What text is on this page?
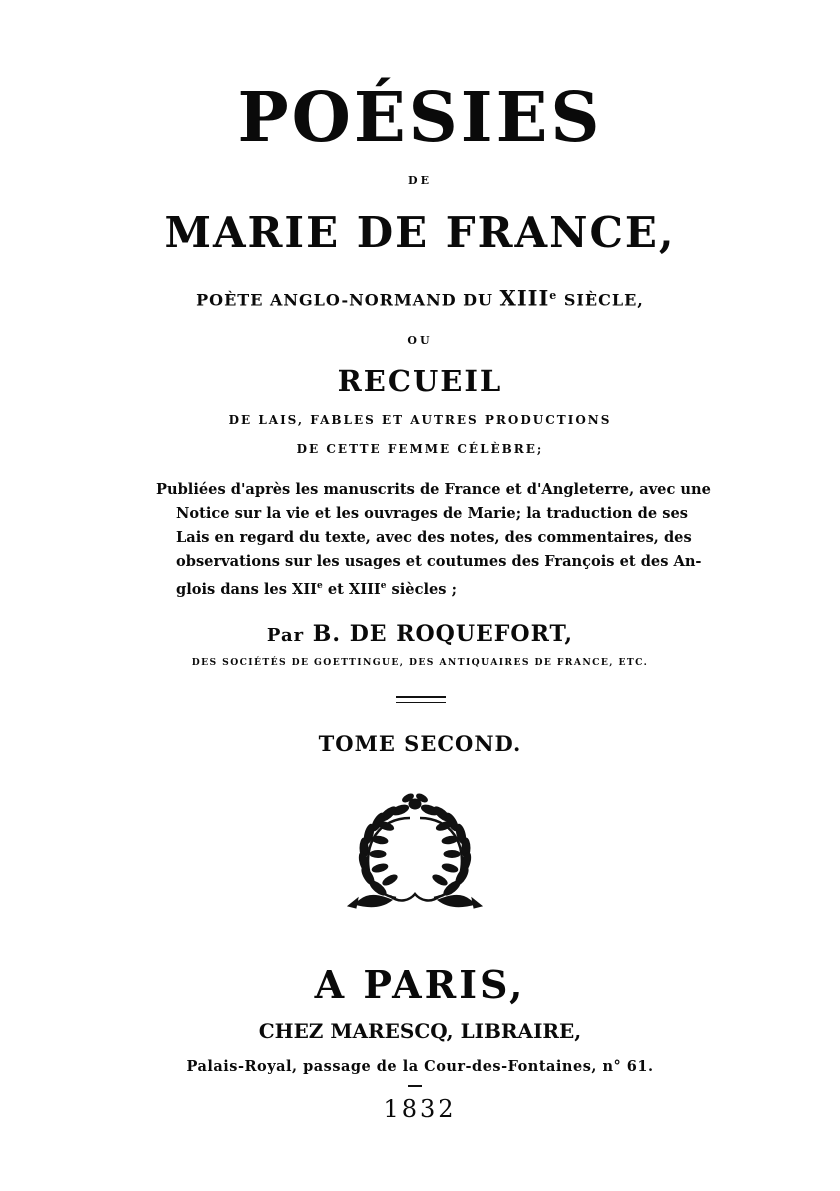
POÉSIES
DE
MARIE DE FRANCE,
POÈTE ANGLO-NORMAND DU XIIIe SIÈCLE,
OU
RECUEIL
DE LAIS, FABLES ET AUTRES PRODUCTIONS
DE CETTE FEMME CÉLÈBRE;
Publiées d'après les manuscrits de France et d'Angleterre, avec une
Notice sur la vie et les ouvrages de Marie; la traduction de ses
Lais en regard du texte, avec des notes, des commentaires, des
observations sur les usages et coutumes des François et des An-
glois dans les XIIe et XIIIe siècles ;
Par B. DE ROQUEFORT,
DES SOCIÉTÉS DE GOETTINGUE, DES ANTIQUAIRES DE FRANCE, ETC.
TOME SECOND.
A PARIS,
CHEZ MARESCQ, LIBRAIRE,
Palais-Royal, passage de la Cour-des-Fontaines, n° 61.
1832
